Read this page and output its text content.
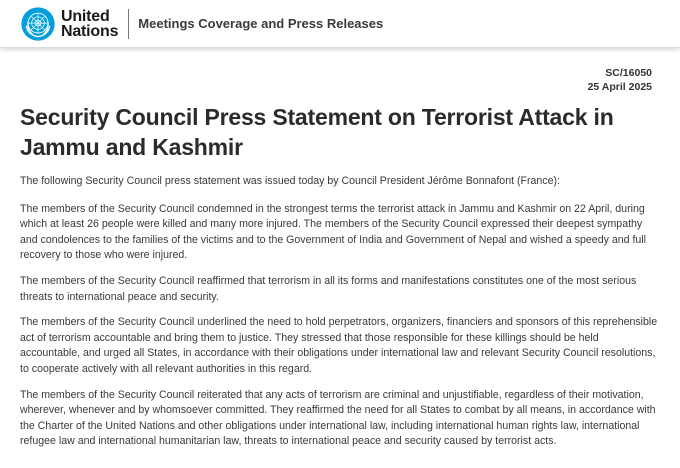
United
Nations Meetings Coverage and Press Releases
SC/16050
25 April 2025
Security Council Press Statement on Terrorist Attack in Jammu and Kashmir

The following Security Council press statement was issued today by Council President Jérôme Bonnafont (France):

The members of the Security Council condemned in the strongest terms the terrorist attack in Jammu and Kashmir on 22 April, during which at least 26 people were killed and many more injured. The members of the Security Council expressed their deepest sympathy and condolences to the families of the victims and to the Government of India and Government of Nepal and wished a speedy and full recovery to those who were injured.

The members of the Security Council reaffirmed that terrorism in all its forms and manifestations constitutes one of the most serious threats to international peace and security.

The members of the Security Council underlined the need to hold perpetrators, organizers, financiers and sponsors of this reprehensible act of terrorism accountable and bring them to justice. They stressed that those responsible for these killings should be held accountable, and urged all States, in accordance with their obligations under international law and relevant Security Council resolutions, to cooperate actively with all relevant authorities in this regard.

The members of the Security Council reiterated that any acts of terrorism are criminal and unjustifiable, regardless of their motivation, wherever, whenever and by whomsoever committed. They reaffirmed the need for all States to combat by all means, in accordance with the Charter of the United Nations and other obligations under international law, including international human rights law, international refugee law and international humanitarian law, threats to international peace and security caused by terrorist acts.
